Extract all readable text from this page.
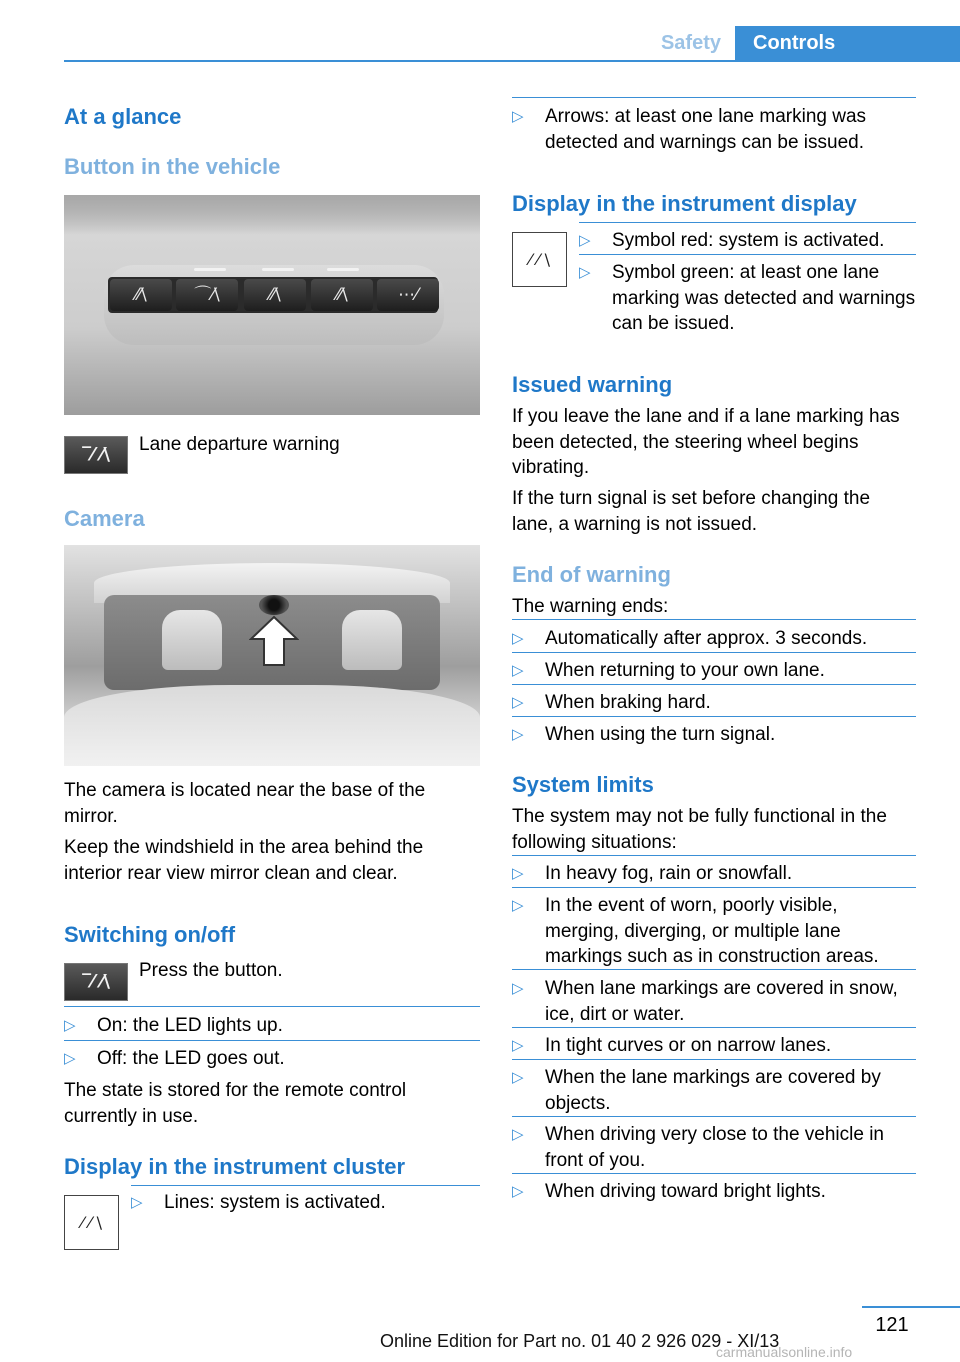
Safety	Controls
At a glance
Button in the vehicle
⁄⁄\	⌒⁄\	⁄⁄\	⁄⁄\	⋯⁄
‾⁄ ⁄\	Lane departure warning
Camera
The camera is located near the base of the mirror.
Keep the windshield in the area behind the interior rear view mirror clean and clear.
Switching on/off
‾⁄ ⁄\
Press the button.
▷ On: the LED lights up.
▷ Off: the LED goes out.
The state is stored for the remote control currently in use.
Display in the instrument cluster
⁄ ⁄ \
▷ Lines: system is activated.
▷ Arrows: at least one lane marking was detected and warnings can be issued.
Display in the instrument display
⁄ ⁄ \
▷ Symbol red: system is activated.
▷ Symbol green: at least one lane marking was detected and warnings can be issued.
Issued warning
If you leave the lane and if a lane marking has been detected, the steering wheel begins vibrating.
If the turn signal is set before changing the lane, a warning is not issued.
End of warning
The warning ends:
▷ Automatically after approx. 3 seconds.
▷ When returning to your own lane.
▷ When braking hard.
▷ When using the turn signal.
System limits
The system may not be fully functional in the following situations:
▷ In heavy fog, rain or snowfall.
▷ In the event of worn, poorly visible, merging, diverging, or multiple lane markings such as in construction areas.
▷ When lane markings are covered in snow, ice, dirt or water.
▷ In tight curves or on narrow lanes.
▷ When the lane markings are covered by objects.
▷ When driving very close to the vehicle in front of you.
▷ When driving toward bright lights.
121
Online Edition for Part no. 01 40 2 926 029 - XI/13
carmanualsonline.info
